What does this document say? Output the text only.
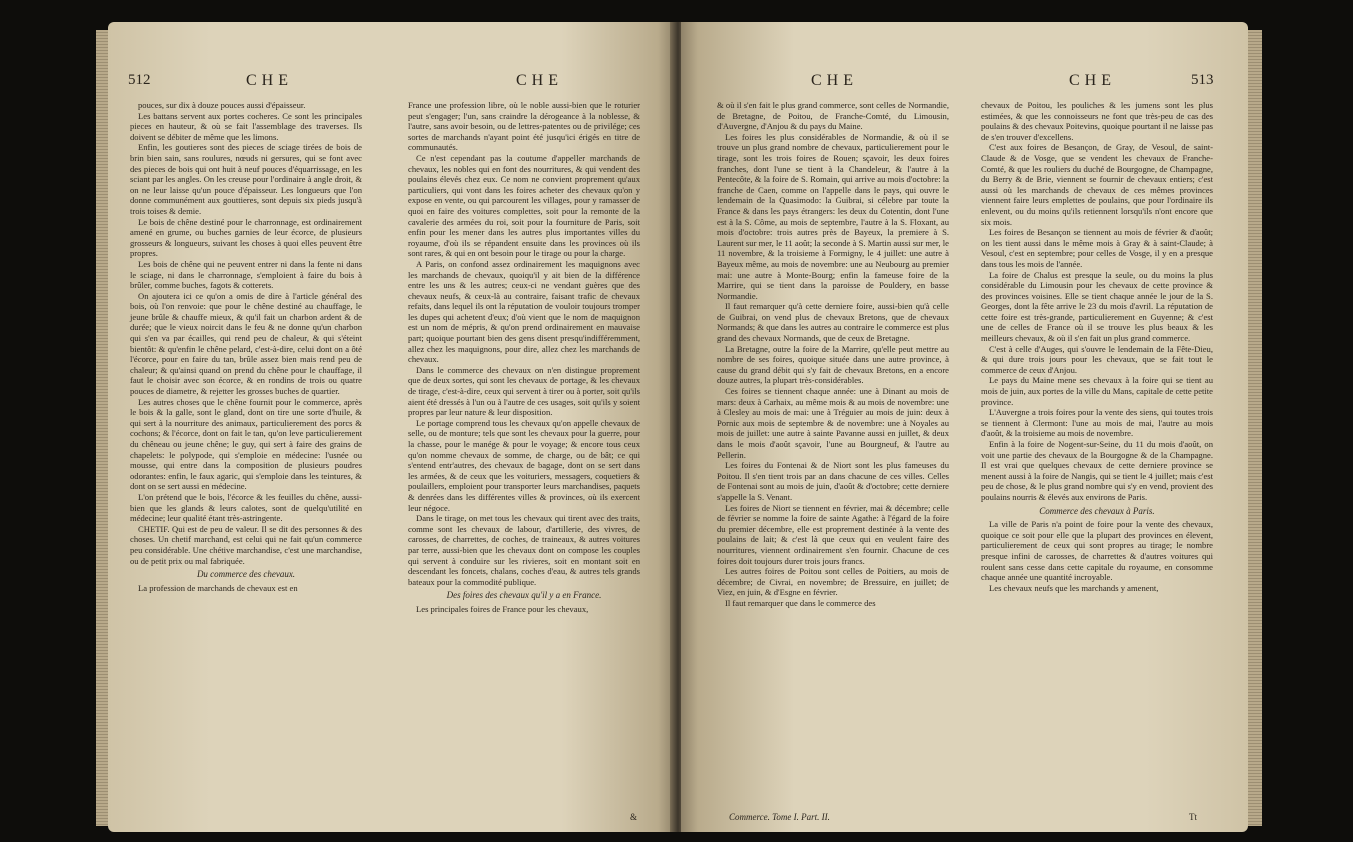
512	CHE	CHE

pouces, sur dix à douze pouces aussi d'épaisseur.

Les battans servent aux portes cocheres. Ce sont les principales pieces en hauteur, & où se fait l'assemblage des traverses. Ils doivent se débiter de même que les limons.

Enfin, les goutieres sont des pieces de sciage tirées de bois de brin bien sain, sans roulures, nœuds ni gersures, qui se font avec des pieces de bois qui ont huit à neuf pouces d'équarrissage, en les sciant par les angles. On les creuse pour l'ordinaire à angle droit, & on ne leur laisse qu'un pouce d'épaisseur. Les longueurs que l'on donne communément aux gouttieres, sont depuis six pieds jusqu'à trois toises & demie.

Le bois de chêne destiné pour le charronnage, est ordinairement amené en grume, ou buches garnies de leur écorce, de plusieurs grosseurs & longueurs, suivant les choses à quoi elles peuvent être propres.

Les bois de chêne qui ne peuvent entrer ni dans la fente ni dans le sciage, ni dans le charronnage, s'emploient à faire du bois à brûler, comme buches, fagots & cotterets.

On ajoutera ici ce qu'on a omis de dire à l'article général des bois, où l'on renvoie: que pour le chêne destiné au chauffage, le jeune brûle & chauffe mieux, & qu'il fait un charbon ardent & de durée; que le vieux noircit dans le feu & ne donne qu'un charbon qui s'en va par écailles, qui rend peu de chaleur, & qui s'éteint bientôt: & qu'enfin le chêne pelard, c'est-à-dire, celui dont on a ôté l'écorce, pour en faire du tan, brûle assez bien mais rend peu de chaleur; & qu'ainsi quand on prend du chêne pour le chauffage, il faut le choisir avec son écorce, & en rondins de trois ou quatre pouces de diametre, & rejetter les grosses buches de quartier.

Les autres choses que le chêne fournit pour le commerce, après le bois & la galle, sont le gland, dont on tire une sorte d'huile, & qui sert à la nourriture des animaux, particulierement des porcs & cochons; & l'écorce, dont on fait le tan, qu'on leve particulierement du chêneau ou jeune chêne; le guy, qui sert à faire des grains de chapelets: le polypode, qui s'emploie en médecine: l'usnée ou mousse, qui entre dans la composition de plusieurs poudres odorantes: enfin, le faux agaric, qui s'emploie dans les teintures, & dont on se sert aussi en médecine.

L'on prétend que le bois, l'écorce & les feuilles du chêne, aussi-bien que les glands & leurs calotes, sont de quelqu'utilité en médecine; leur qualité étant très-astringente.

CHETIF. Qui est de peu de valeur. Il se dit des personnes & des choses. Un chetif marchand, est celui qui ne fait qu'un commerce peu considérable. Une chétive marchandise, c'est une marchandise, ou de petit prix ou mal fabriquée.

Du commerce des chevaux.

La profession de marchands de chevaux est en

France une profession libre, où le noble aussi-bien que le roturier peut s'engager; l'un, sans craindre la dérogeance à la noblesse, & l'autre, sans avoir besoin, ou de lettres-patentes ou de privilége; ces sortes de marchands n'ayant point été jusqu'ici érigés en titre de communautés.

Ce n'est cependant pas la coutume d'appeller marchands de chevaux, les nobles qui en font des nourritures, & qui vendent des poulains élevés chez eux. Ce nom ne convient proprement qu'aux particuliers, qui vont dans les foires acheter des chevaux qu'on y expose en vente, ou qui parcourent les villages, pour y ramasser de quoi en faire des voitures complettes, soit pour la remonte de la cavalerie des armées du roi, soit pour la fourniture de Paris, soit enfin pour les mener dans les autres plus importantes villes du royaume, d'où ils se répandent ensuite dans les provinces où ils sont rares, & qui en ont besoin pour le tirage ou pour la charge.

A Paris, on confond assez ordinairement les maquignons avec les marchands de chevaux, quoiqu'il y ait bien de la différence entre les uns & les autres; ceux-ci ne vendant guères que des chevaux neufs, & ceux-là au contraire, faisant trafic de chevaux refaits, dans lequel ils ont la réputation de vouloir toujours tromper les dupes qui achetent d'eux; d'où vient que le nom de maquignon est un nom de mépris, & qu'on prend ordinairement en mauvaise part; quoique pourtant bien des gens disent presqu'indifféremment, allez chez les maquignons, pour dire, allez chez les marchands de chevaux.

Dans le commerce des chevaux on n'en distingue proprement que de deux sortes, qui sont les chevaux de portage, & les chevaux de tirage, c'est-à-dire, ceux qui servent à tirer ou à porter, soit qu'ils aient été dressés à l'un ou à l'autre de ces usages, soit qu'ils y soient propres par leur nature & leur disposition.

Le portage comprend tous les chevaux qu'on appelle chevaux de selle, ou de monture; tels que sont les chevaux pour la guerre, pour la chasse, pour le manége & pour le voyage; & encore tous ceux qu'on nomme chevaux de somme, de charge, ou de bât; ce qui s'entend entr'autres, des chevaux de bagage, dont on se sert dans les armées, & de ceux que les voituriers, messagers, coquetiers & poulaillers, emploient pour transporter leurs marchandises, paquets & denrées dans les différentes villes & provinces, où ils exercent leur négoce.

Dans le tirage, on met tous les chevaux qui tirent avec des traits, comme sont les chevaux de labour, d'artillerie, des vivres, de carosses, de charrettes, de coches, de traineaux, & autres voitures par terre, aussi-bien que les chevaux dont on compose les couples qui servent à conduire sur les rivieres, soit en montant soit en descendant les foncets, chalans, coches d'eau, & autres tels grands bateaux pour la commodité publique.

Des foires des chevaux qu'il y a en France.

Les principales foires de France pour les chevaux,

&
CHE	CHE	513

& où il s'en fait le plus grand commerce, sont celles de Normandie, de Bretagne, de Poitou, de Franche-Comté, du Limousin, d'Auvergne, d'Anjou & du pays du Maine.

Les foires les plus considérables de Normandie, & où il se trouve un plus grand nombre de chevaux, particulierement pour le tirage, sont les trois foires de Rouen; sçavoir, les deux foires franches, dont l'une se tient à la Chandeleur, & l'autre à la Pentecôte, & la foire de S. Romain, qui arrive au mois d'octobre: la franche de Caen, comme on l'appelle dans le pays, qui ouvre le lendemain de la Quasimodo: la Guibrai, si célebre par toute la France & dans les pays étrangers: les deux du Cotentin, dont l'une est à la S. Côme, au mois de septembre, l'autre à la S. Floxant, au mois d'octobre: trois autres près de Bayeux, la premiere à S. Laurent sur mer, le 11 août; la seconde à S. Martin aussi sur mer, le 11 novembre, & la troisieme à Formigny, le 4 juillet: une autre à Bayeux même, au mois de novembre: une au Neubourg au premier mai: une autre à Monte-Bourg; enfin la fameuse foire de la Marrire, qui se tient dans la paroisse de Pouldery, en basse Normandie.

Il faut remarquer qu'à cette derniere foire, aussi-bien qu'à celle de Guibrai, on vend plus de chevaux Bretons, que de chevaux Normands; & que dans les autres au contraire le commerce est plus grand des chevaux Normands, que de ceux de Bretagne.

La Bretagne, outre la foire de la Marrire, qu'elle peut mettre au nombre de ses foires, quoique située dans une autre province, à cause du grand débit qui s'y fait de chevaux Bretons, en a encore douze autres, la plupart très-considérables.

Ces foires se tiennent chaque année: une à Dinant au mois de mars: deux à Carhaix, au même mois & au mois de novembre: une à Clesley au mois de mai: une à Tréguier au mois de juin: deux à Pornic aux mois de septembre & de novembre: une à Noyales au mois de juillet: une autre à sainte Pavanne aussi en juillet, & deux dans le mois d'août sçavoir, l'une au Bourgneuf, & l'autre au Pellerin.

Les foires du Fontenai & de Niort sont les plus fameuses du Poitou. Il s'en tient trois par an dans chacune de ces villes. Celles de Fontenai sont au mois de juin, d'août & d'octobre; cette derniere s'appelle la S. Venant.

Les foires de Niort se tiennent en février, mai & décembre; celle de février se nomme la foire de sainte Agathe: à l'égard de la foire du premier décembre, elle est proprement destinée à la vente des poulains de lait; & c'est là que ceux qui en veulent faire des nourritures, viennent ordinairement s'en fournir. Chacune de ces foires doit toujours durer trois jours francs.

Les autres foires de Poitou sont celles de Poitiers, au mois de décembre; de Civrai, en novembre; de Bressuire, en juillet; de Viez, en juin, & d'Esgne en février.

Il faut remarquer que dans le commerce des

Commerce. Tome I. Part. II.

chevaux de Poitou, les pouliches & les jumens sont les plus estimées, & que les connoisseurs ne font que très-peu de cas des poulains & des chevaux Poitevins, quoique pourtant il ne laisse pas de s'en trouver d'excellens.

C'est aux foires de Besançon, de Gray, de Vesoul, de saint-Claude & de Vosge, que se vendent les chevaux de Franche-Comté, & que les rouliers du duché de Bourgogne, de Champagne, du Berry & de Brie, viennent se fournir de chevaux entiers; c'est aussi où les marchands de chevaux de ces mêmes provinces viennent faire leurs emplettes de poulains, que pour l'ordinaire ils enlevent, ou du moins qu'ils retiennent lorsqu'ils n'ont encore que six mois.

Les foires de Besançon se tiennent au mois de février & d'août; on les tient aussi dans le même mois à Gray & à saint-Claude; à Vesoul, c'est en septembre; pour celles de Vosge, il y en a presque dans tous les mois de l'année.

La foire de Chalus est presque la seule, ou du moins la plus considérable du Limousin pour les chevaux de cette province & des provinces voisines. Elle se tient chaque année le jour de la S. Georges, dont la fête arrive le 23 du mois d'avril. La réputation de cette foire est très-grande, particulierement en Guyenne; & c'est une de celles de France où il se trouve les plus beaux & les meilleurs chevaux, & où il s'en fait un plus grand commerce.

C'est à celle d'Auges, qui s'ouvre le lendemain de la Fête-Dieu, & qui dure trois jours pour les chevaux, que se fait tout le commerce de ceux d'Anjou.

Le pays du Maine mene ses chevaux à la foire qui se tient au mois de juin, aux portes de la ville du Mans, capitale de cette petite province.

L'Auvergne a trois foires pour la vente des siens, qui toutes trois se tiennent à Clermont: l'une au mois de mai, l'autre au mois d'août, & la troisieme au mois de novembre.

Enfin à la foire de Nogent-sur-Seine, du 11 du mois d'août, on voit une partie des chevaux de la Bourgogne & de la Champagne. Il est vrai que quelques chevaux de cette derniere province se menent aussi à la foire de Nangis, qui se tient le 4 juillet; mais c'est peu de chose, & le plus grand nombre qui s'y en vend, provient des poulains nourris & élevés aux environs de Paris.

Commerce des chevaux à Paris.

La ville de Paris n'a point de foire pour la vente des chevaux, quoique ce soit pour elle que la plupart des provinces en élevent, particulierement de ceux qui sont propres au tirage; le nombre presque infini de carosses, de charrettes & d'autres voitures qui roulent sans cesse dans cette capitale du royaume, en consomme chaque année une quantité incroyable.

Les chevaux neufs que les marchands y amenent,

Tt
